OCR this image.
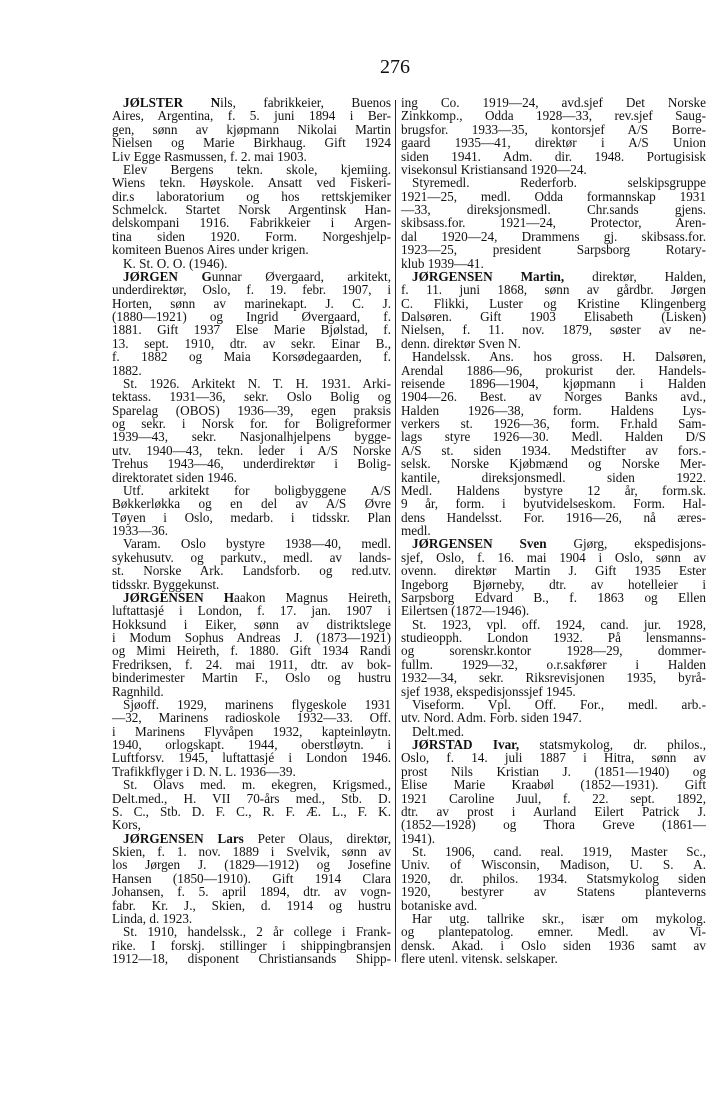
276
JØLSTER Nils, fabrikkeier, Buenos
Aires, Argentina, f. 5. juni 1894 i Ber-
gen, sønn av kjøpmann Nikolai Martin
Nielsen og Marie Birkhaug. Gift 1924
Liv Egge Rasmussen, f. 2. mai 1903.
Elev Bergens tekn. skole, kjemiing.
Wiens tekn. Høyskole. Ansatt ved Fiskeri-
dir.s laboratorium og hos rettskjemiker
Schmelck. Startet Norsk Argentinsk Han-
delskompani 1916. Fabrikkeier i Argen-
tina siden 1920. Form. Norgeshjelp-
komiteen Buenos Aires under krigen.
K. St. O. O. (1946).
JØRGEN Gunnar Øvergaard, arkitekt,
underdirektør, Oslo, f. 19. febr. 1907, i
Horten, sønn av marinekapt. J. C. J.
(1880—1921) og Ingrid Øvergaard, f.
1881. Gift 1937 Else Marie Bjølstad, f.
13. sept. 1910, dtr. av sekr. Einar B.,
f. 1882 og Maia Korsødegaarden, f.
1882.
St. 1926. Arkitekt N. T. H. 1931. Arki-
tektass. 1931—36, sekr. Oslo Bolig og
Sparelag (OBOS) 1936—39, egen praksis
og sekr. i Norsk for. for Boligreformer
1939—43, sekr. Nasjonalhjelpens bygge-
utv. 1940—43, tekn. leder i A/S Norske
Trehus 1943—46, underdirektør i Bolig-
direktoratet siden 1946.
Utf. arkitekt for boligbyggene A/S
Bøkkerløkka og en del av A/S Øvre
Tøyen i Oslo, medarb. i tidsskr. Plan
1933—36.
Varam. Oslo bystyre 1938—40, medl.
sykehusutv. og parkutv., medl. av lands-
st. Norske Ark. Landsforb. og red.utv.
tidsskr. Byggekunst.
JØRGENSEN Haakon Magnus Heireth,
luftattasjé i London, f. 17. jan. 1907 i
Hokksund i Eiker, sønn av distriktslege
i Modum Sophus Andreas J. (1873—1921)
og Mimi Heireth, f. 1880. Gift 1934 Randi
Fredriksen, f. 24. mai 1911, dtr. av bok-
binderimester Martin F., Oslo og hustru
Ragnhild.
Sjøoff. 1929, marinens flygeskole 1931
—32, Marinens radioskole 1932—33. Off.
i Marinens Flyvåpen 1932, kapteinløytn.
1940, orlogskapt. 1944, oberstløytn. i
Luftforsv. 1945, luftattasjé i London 1946.
Trafikkflyger i D. N. L. 1936—39.
St. Olavs med. m. ekegren, Krigsmed.,
Delt.med., H. VII 70-års med., Stb. D.
S. C., Stb. D. F. C., R. F. Æ. L., F. K.
Kors,
JØRGENSEN Lars Peter Olaus, direktør,
Skien, f. 1. nov. 1889 i Svelvik, sønn av
los Jørgen J. (1829—1912) og Josefine
Hansen (1850—1910). Gift 1914 Clara
Johansen, f. 5. april 1894, dtr. av vogn-
fabr. Kr. J., Skien, d. 1914 og hustru
Linda, d. 1923.
St. 1910, handelssk., 2 år college i Frank-
rike. I forskj. stillinger i shippingbransjen
1912—18, disponent Christiansands Shipp-
ing Co. 1919—24, avd.sjef Det Norske
Zinkkomp., Odda 1928—33, rev.sjef Saug-
brugsfor. 1933—35, kontorsjef A/S Borre-
gaard 1935—41, direktør i A/S Union
siden 1941. Adm. dir. 1948. Portugisisk
visekonsul Kristiansand 1920—24.
Styremedl. Rederforb. selskipsgruppe
1921—25, medl. Odda formannskap 1931
—33, direksjonsmedl. Chr.sands gjens.
skibsass.for. 1921—24, Protector, Aren-
dal 1920—24, Drammens gj. skibsass.for.
1923—25, president Sarpsborg Rotary-
klub 1939—41.
JØRGENSEN Martin, direktør, Halden,
f. 11. juni 1868, sønn av gårdbr. Jørgen
C. Flikki, Luster og Kristine Klingenberg
Dalsøren. Gift 1903 Elisabeth (Lisken)
Nielsen, f. 11. nov. 1879, søster av ne-
denn. direktør Sven N.
Handelssk. Ans. hos gross. H. Dalsøren,
Arendal 1886—96, prokurist der. Handels-
reisende 1896—1904, kjøpmann i Halden
1904—26. Best. av Norges Banks avd.,
Halden 1926—38, form. Haldens Lys-
verkers st. 1926—36, form. Fr.hald Sam-
lags styre 1926—30. Medl. Halden D/S
A/S st. siden 1934. Medstifter av fors.-
selsk. Norske Kjøbmænd og Norske Mer-
kantile, direksjonsmedl. siden 1922.
Medl. Haldens bystyre 12 år, form.sk.
9 år, form. i byutvidelseskom. Form. Hal-
dens Handelsst. For. 1916—26, nå æres-
medl.
JØRGENSEN Sven Gjørg, ekspedisjons-
sjef, Oslo, f. 16. mai 1904 i Oslo, sønn av
ovenn. direktør Martin J. Gift 1935 Ester
Ingeborg Bjørneby, dtr. av hotelleier i
Sarpsborg Edvard B., f. 1863 og Ellen
Eilertsen (1872—1946).
St. 1923, vpl. off. 1924, cand. jur. 1928,
studieopph. London 1932. På lensmanns-
og sorenskr.kontor 1928—29, dommer-
fullm. 1929—32, o.r.sakfører i Halden
1932—34, sekr. Riksrevisjonen 1935, byrå-
sjef 1938, ekspedisjonssjef 1945.
Viseform. Vpl. Off. For., medl. arb.-
utv. Nord. Adm. Forb. siden 1947.
Delt.med.
JØRSTAD Ivar, statsmykolog, dr. philos.,
Oslo, f. 14. juli 1887 i Hitra, sønn av
prost Nils Kristian J. (1851—1940) og
Elise Marie Kraabøl (1852—1931). Gift
1921 Caroline Juul, f. 22. sept. 1892,
dtr. av prost i Aurland Eilert Patrick J.
(1852—1928) og Thora Greve (1861—
1941).
St. 1906, cand. real. 1919, Master Sc.,
Univ. of Wisconsin, Madison, U. S. A.
1920, dr. philos. 1934. Statsmykolog siden
1920, bestyrer av Statens planteverns
botaniske avd.
Har utg. tallrike skr., især om mykolog.
og plantepatolog. emner. Medl. av Vi-
densk. Akad. i Oslo siden 1936 samt av
flere utenl. vitensk. selskaper.
